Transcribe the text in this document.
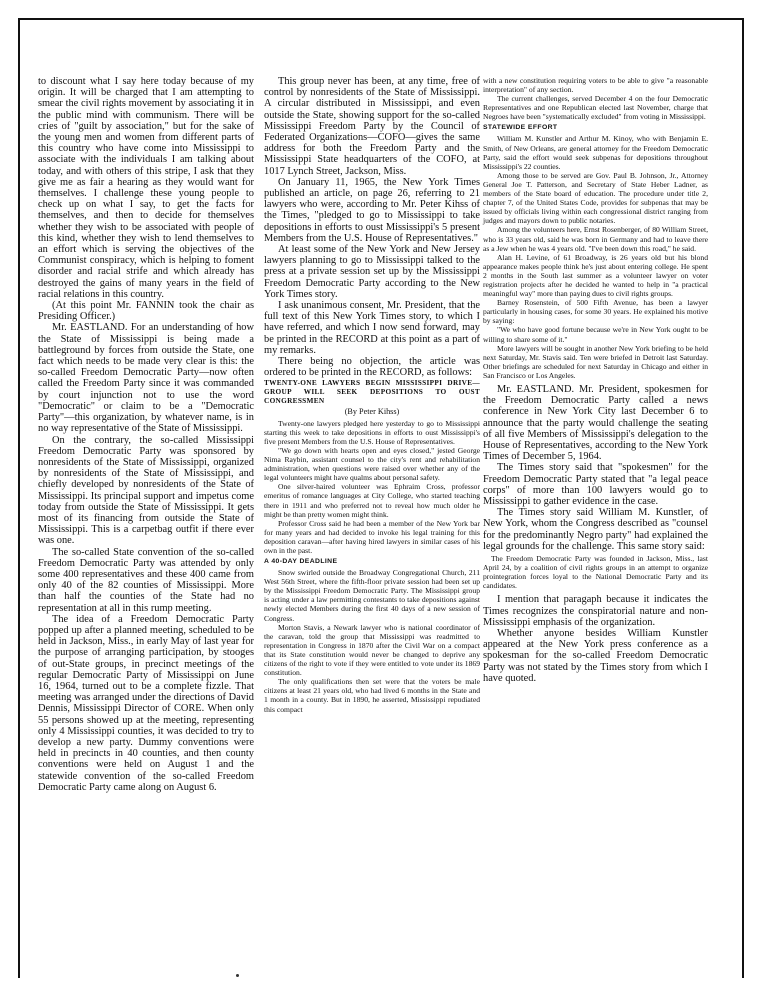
to discount what I say here today because of my origin. It will be charged that I am attempting to smear the civil rights movement by associating it in the public mind with communism. There will be cries of "guilt by association," but for the sake of the young men and women from different parts of this country who have come into Mississippi to associate with the individuals I am talking about today, and with others of this stripe, I ask that they give me as fair a hearing as they would want for themselves. I challenge these young people to check up on what I say, to get the facts for themselves, and then to decide for themselves whether they wish to be associated with people of this kind, whether they wish to lend themselves to an effort which is serving the objectives of the Communist conspiracy, which is helping to foment disorder and racial strife and which already has destroyed the gains of many years in the field of racial relations in this country.

(At this point Mr. FANNIN took the chair as Presiding Officer.)

Mr. EASTLAND. For an understanding of how the State of Mississippi is being made a battleground by forces from outside the State, one fact which needs to be made very clear is this: the so-called Freedom Democratic Party—now often called the Freedom Party since it was commanded by court injunction not to use the word "Democratic" or claim to be a "Democratic Party"—this organization, by whatever name, is in no way representative of the State of Mississippi.

On the contrary, the so-called Mississippi Freedom Democratic Party was sponsored by nonresidents of the State of Mississippi, organized by nonresidents of the State of Mississippi, and chiefly developed by nonresidents of the State of Mississippi. Its principal support and impetus come today from outside the State of Mississippi. It gets most of its financing from outside the State of Mississippi. This is a carpetbag outfit if there ever was one.

The so-called State convention of the so-called Freedom Democratic Party was attended by only some 400 representatives and these 400 came from only 40 of the 82 counties of Mississippi. More than half the counties of the State had no representation at all in this rump meeting.

The idea of a Freedom Democratic Party popped up after a planned meeting, scheduled to be held in Jackson, Miss., in early May of last year for the purpose of arranging participation, by stooges of out-State groups, in precinct meetings of the regular Democratic Party of Mississippi on June 16, 1964, turned out to be a complete fizzle. That meeting was arranged under the directions of David Dennis, Mississippi Director of CORE. When only 55 persons showed up at the meeting, representing only 4 Mississippi counties, it was decided to try to develop a new party. Dummy conventions were held in precincts in 40 counties, and then county conventions were held on August 1 and the statewide convention of the so-called Freedom Democratic Party came along on August 6.

This group never has been, at any time, free of control by nonresidents of the State of Mississippi. A circular distributed in Mississippi, and even outside the State, showing support for the so-called Mississippi Freedom Party by the Council of Federated Organizations—COFO—gives the same address for both the Freedom Party and the Mississippi State headquarters of the COFO, at 1017 Lynch Street, Jackson, Miss.

On January 11, 1965, the New York Times published an article, on page 26, referring to 21 lawyers who were, according to Mr. Peter Kihss of the Times, "pledged to go to Mississippi to take depositions in efforts to oust Mississippi's 5 present Members from the U.S. House of Representatives."

At least some of the New York and New Jersey lawyers planning to go to Mississippi talked to the press at a private session set up by the Mississippi Freedom Democratic Party according to the New York Times story.

I ask unanimous consent, Mr. President, that the full text of this New York Times story, to which I have referred, and which I now send forward, may be printed in the RECORD at this point as a part of my remarks.

There being no objection, the article was ordered to be printed in the RECORD, as follows:

TWENTY-ONE LAWYERS BEGIN MISSISSIPPI DRIVE—GROUP WILL SEEK DEPOSITIONS TO OUST CONGRESSMEN

(By Peter Kihss)

Twenty-one lawyers pledged here yesterday to go to Mississippi starting this week to take depositions in efforts to oust Mississippi's five present Members from the U.S. House of Representatives.

"We go down with hearts open and eyes closed," jested George Nima Raybin, assistant counsel to the city's rent and rehabilitation administration, when questions were raised over whether any of the legal volunteers might have qualms about personal safety.

One silver-haired volunteer was Ephraim Cross, professor emeritus of romance languages at City College, who started teaching there in 1911 and who preferred not to reveal how much older he might be than pretty women might think.

Professor Cross said he had been a member of the New York bar for many years and had decided to invoke his legal training for this deposition caravan—after having hired lawyers in similar cases of his own in the past.

A 40-DAY DEADLINE

Snow swirled outside the Broadway Congregational Church, 211 West 56th Street, where the fifth-floor private session had been set up by the Mississippi Freedom Democratic Party. The Mississippi group is acting under a law permitting contestants to take depositions against newly elected Members during the first 40 days of a new session of Congress.

Morton Stavis, a Newark lawyer who is national coordinator of the caravan, told the group that Mississippi was readmitted to representation in Congress in 1870 after the Civil War on a compact that its State constitution would never be changed to deprive any citizens of the right to vote if they were entitled to vote under its 1869 constitution.

The only qualifications then set were that the voters be male citizens at least 21 years old, who had lived 6 months in the State and 1 month in a county. But in 1890, he asserted, Mississippi repudiated this compact

with a new constitution requiring voters to be able to give "a reasonable interpretation" of any section.

The current challenges, served December 4 on the four Democratic Representatives and one Republican elected last November, charge that Negroes have been "systematically excluded" from voting in Mississippi.

STATEWIDE EFFORT

William M. Kunstler and Arthur M. Kinoy, who with Benjamin E. Smith, of New Orleans, are general attorney for the Freedom Democratic Party, said the effort would seek subpenas for depositions throughout Mississippi's 22 counties.

Among those to be served are Gov. Paul B. Johnson, Jr., Attorney General Joe T. Patterson, and Secretary of State Heber Ladner, as members of the State board of education. The procedure under title 2, chapter 7, of the United States Code, provides for subpenas that may be issued by officials living within each congressional district ranging from judges and mayors down to public notaries.

Among the volunteers here, Ernst Rosenberger, of 80 William Street, who is 33 years old, said he was born in Germany and had to leave there as a Jew when he was 4 years old. "I've been down this road," he said.

Alan H. Levine, of 61 Broadway, is 26 years old but his blond appearance makes people think he's just about entering college. He spent 2 months in the South last summer as a volunteer lawyer on voter registration projects after he decided he wanted to help in "a practical meaningful way" more than paying dues to civil rights groups.

Barney Rosenstein, of 500 Fifth Avenue, has been a lawyer particularly in housing cases, for some 30 years. He explained his motive by saying:

"We who have good fortune because we're in New York ought to be willing to share some of it."

More lawyers will be sought in another New York briefing to be held next Saturday, Mr. Stavis said. Ten were briefed in Detroit last Saturday. Other briefings are scheduled for next Saturday in Chicago and either in San Francisco or Los Angeles.

Mr. EASTLAND. Mr. President, spokesmen for the Freedom Democratic Party called a news conference in New York City last December 6 to announce that the party would challenge the seating of all five Members of Mississippi's delegation to the House of Representatives, according to the New York Times of December 5, 1964.

The Times story said that "spokesmen" for the Freedom Democratic Party stated that "a legal peace corps" of more than 100 lawyers would go to Mississippi to gather evidence in the case.

The Times story said William M. Kunstler, of New York, whom the Congress described as "counsel for the predominantly Negro party" had explained the legal grounds for the challenge. This same story said:

The Freedom Democratic Party was founded in Jackson, Miss., last April 24, by a coalition of civil rights groups in an attempt to organize prointegration forces loyal to the National Democratic Party and its candidates.

I mention that paragaph because it indicates the Times recognizes the conspiratorial nature and non-Mississippi emphasis of the organization.

Whether anyone besides William Kunstler appeared at the New York press conference as a spokesman for the so-called Freedom Democratic Party was not stated by the Times story from which I have quoted.
